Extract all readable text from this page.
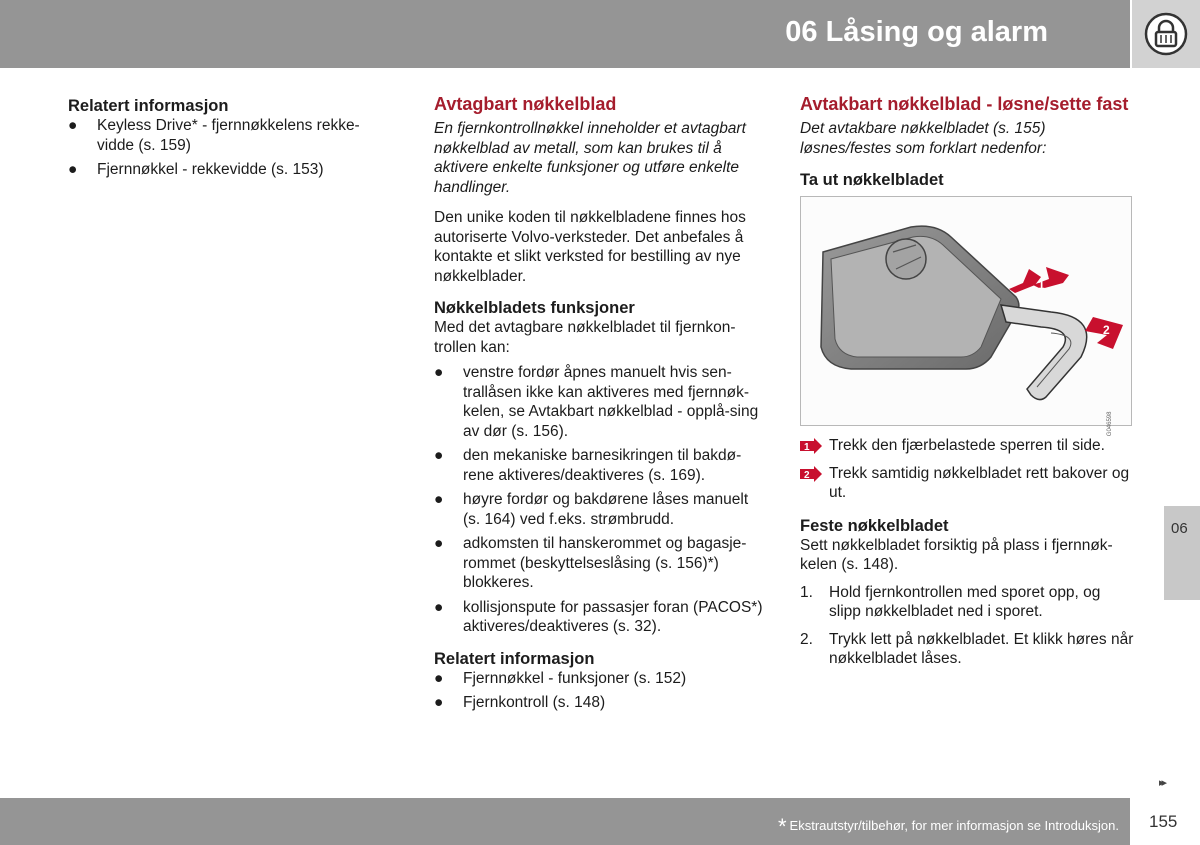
06 Låsing og alarm
Relatert informasjon
● Keyless Drive* - fjernnøkkelens rekke-vidde (s. 159)
● Fjernnøkkel - rekkevidde (s. 153)
Avtagbart nøkkelblad

En fjernkontrollnøkkel inneholder et avtagbart nøkkelblad av metall, som kan brukes til å aktivere enkelte funksjoner og utføre enkelte handlinger.

Den unike koden til nøkkelbladene finnes hos autoriserte Volvo-verksteder. Det anbefales å kontakte et slikt verksted for bestilling av nye nøkkelblader.

Nøkkelbladets funksjoner

Med det avtagbare nøkkelbladet til fjernkon-trollen kan:

● venstre fordør åpnes manuelt hvis sen-trallåsen ikke kan aktiveres med fjernnøk-kelen, se Avtakbart nøkkelblad - opplå-sing av dør (s. 156).
● den mekaniske barnesikringen til bakdø-rene aktiveres/deaktiveres (s. 169).
● høyre fordør og bakdørene låses manuelt (s. 164) ved f.eks. strømbrudd.
● adkomsten til hanskerommet og bagasje-rommet (beskyttelseslåsing (s. 156)*) blokkeres.
● kollisjonspute for passasjer foran (PACOS*) aktiveres/deaktiveres (s. 32).
Relatert informasjon
● Fjernnøkkel - funksjoner (s. 152)
● Fjernkontroll (s. 148)
Avtakbart nøkkelblad - løsne/sette fast

Det avtakbare nøkkelbladet (s. 155) løsnes/festes som forklart nedenfor:

Ta ut nøkkelbladet
1
2
G046598
1 Trekk den fjærbelastede sperren til side.
2 Trekk samtidig nøkkelbladet rett bakover og ut.
Feste nøkkelbladet

Sett nøkkelbladet forsiktig på plass i fjernnøk-kelen (s. 148).

1. Hold fjernkontrollen med sporet opp, og slipp nøkkelbladet ned i sporet.
2. Trykk lett på nøkkelbladet. Et klikk høres når nøkkelbladet låses.
06
▸▸
* Ekstrautstyr/tilbehør, for mer informasjon se Introduksjon. 155
